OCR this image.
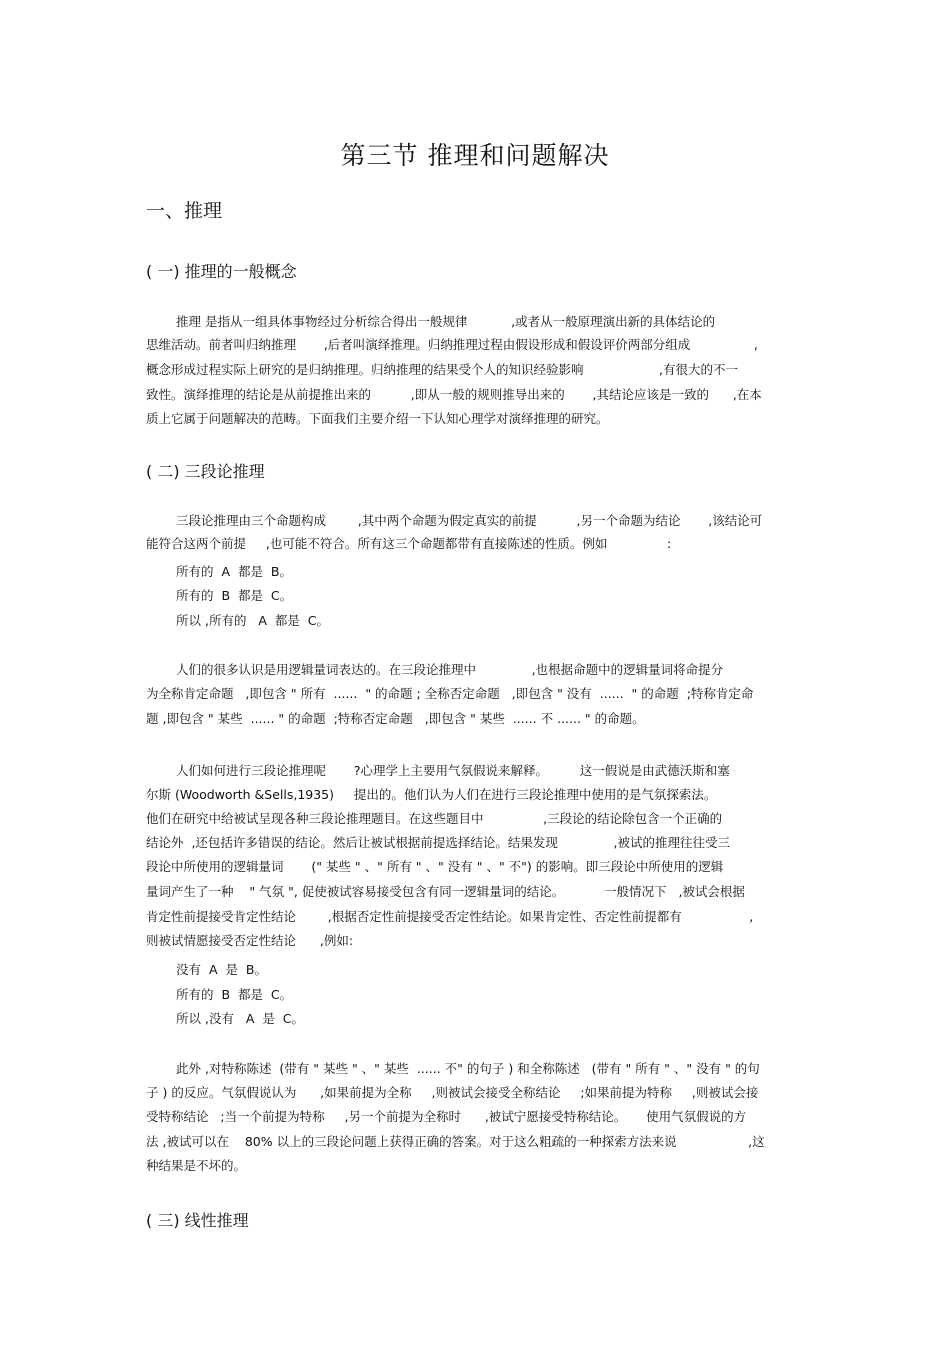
第三节 推理和问题解决
一、推理
( 一) 推理的一般概念
推理 是指从一组具体事物经过分析综合得出一般规律           ,或者从一般原理演出新的具体结论的
思维活动。前者叫归纳推理       ,后者叫演绎推理。归纳推理过程由假设形成和假设评价两部分组成                ,
概念形成过程实际上研究的是归纳推理。归纳推理的结果受个人的知识经验影响                   ,有很大的不一
致性。演绎推理的结论是从前提推出来的          ,即从一般的规则推导出来的       ,其结论应该是一致的      ,在本
质上它属于问题解决的范畴。下面我们主要介绍一下认知心理学对演绎推理的研究。
( 二) 三段论推理
三段论推理由三个命题构成        ,其中两个命题为假定真实的前提          ,另一个命题为结论       ,该结论可
能符合这两个前提     ,也可能不符合。所有这三个命题都带有直接陈述的性质。例如               :
所有的  A  都是  B。
所有的  B  都是  C。
所以 ,所有的   A  都是  C。
人们的很多认识是用逻辑量词表达的。在三段论推理中              ,也根据命题中的逻辑量词将命提分
为全称肯定命题   ,即包含 " 所有  ......  " 的命题 ; 全称否定命题   ,即包含 " 没有  ......  " 的命题  ;特称肯定命
题 ,即包含 " 某些  ...... " 的命题  ;特称否定命题   ,即包含 " 某些  ...... 不 ...... " 的命题。
人们如何进行三段论推理呢       ?心理学上主要用气氛假说来解释。        这一假说是由武德沃斯和塞
尔斯 (Woodworth &Sells,1935)     提出的。他们认为人们在进行三段论推理中使用的是气氛探索法。
他们在研究中给被试呈现各种三段论推理题目。在这些题目中               ,三段论的结论除包含一个正确的
结论外  ,还包括许多错误的结论。然后让被试根据前提选择结论。结果发现              ,被试的推理往往受三
段论中所使用的逻辑量词       (" 某些 " 、" 所有 " 、" 没有 " 、" 不") 的影响。即三段论中所使用的逻辑
量词产生了一种    " 气氛 ", 促使被试容易接受包含有同一逻辑量词的结论。          一般情况下   ,被试会根据
肯定性前提接受肯定性结论        ,根据否定性前提接受否定性结论。如果肯定性、否定性前提都有                 ,
则被试情愿接受否定性结论      ,例如:
没有  A  是  B。
所有的  B  都是  C。
所以 ,没有   A  是  C。
此外 ,对特称陈述  (带有 " 某些 " 、" 某些  ...... 不" 的句子 ) 和全称陈述   (带有 " 所有 " 、" 没有 " 的句
子 ) 的反应。气氛假说认为      ,如果前提为全称     ,则被试会接受全称结论     ;如果前提为特称     ,则被试会接
受特称结论   ;当一个前提为特称     ,另一个前提为全称时      ,被试宁愿接受特称结论。     使用气氛假说的方
法 ,被试可以在    80% 以上的三段论问题上获得正确的答案。对于这么粗疏的一种探索方法来说                  ,这
种结果是不坏的。
( 三) 线性推理
